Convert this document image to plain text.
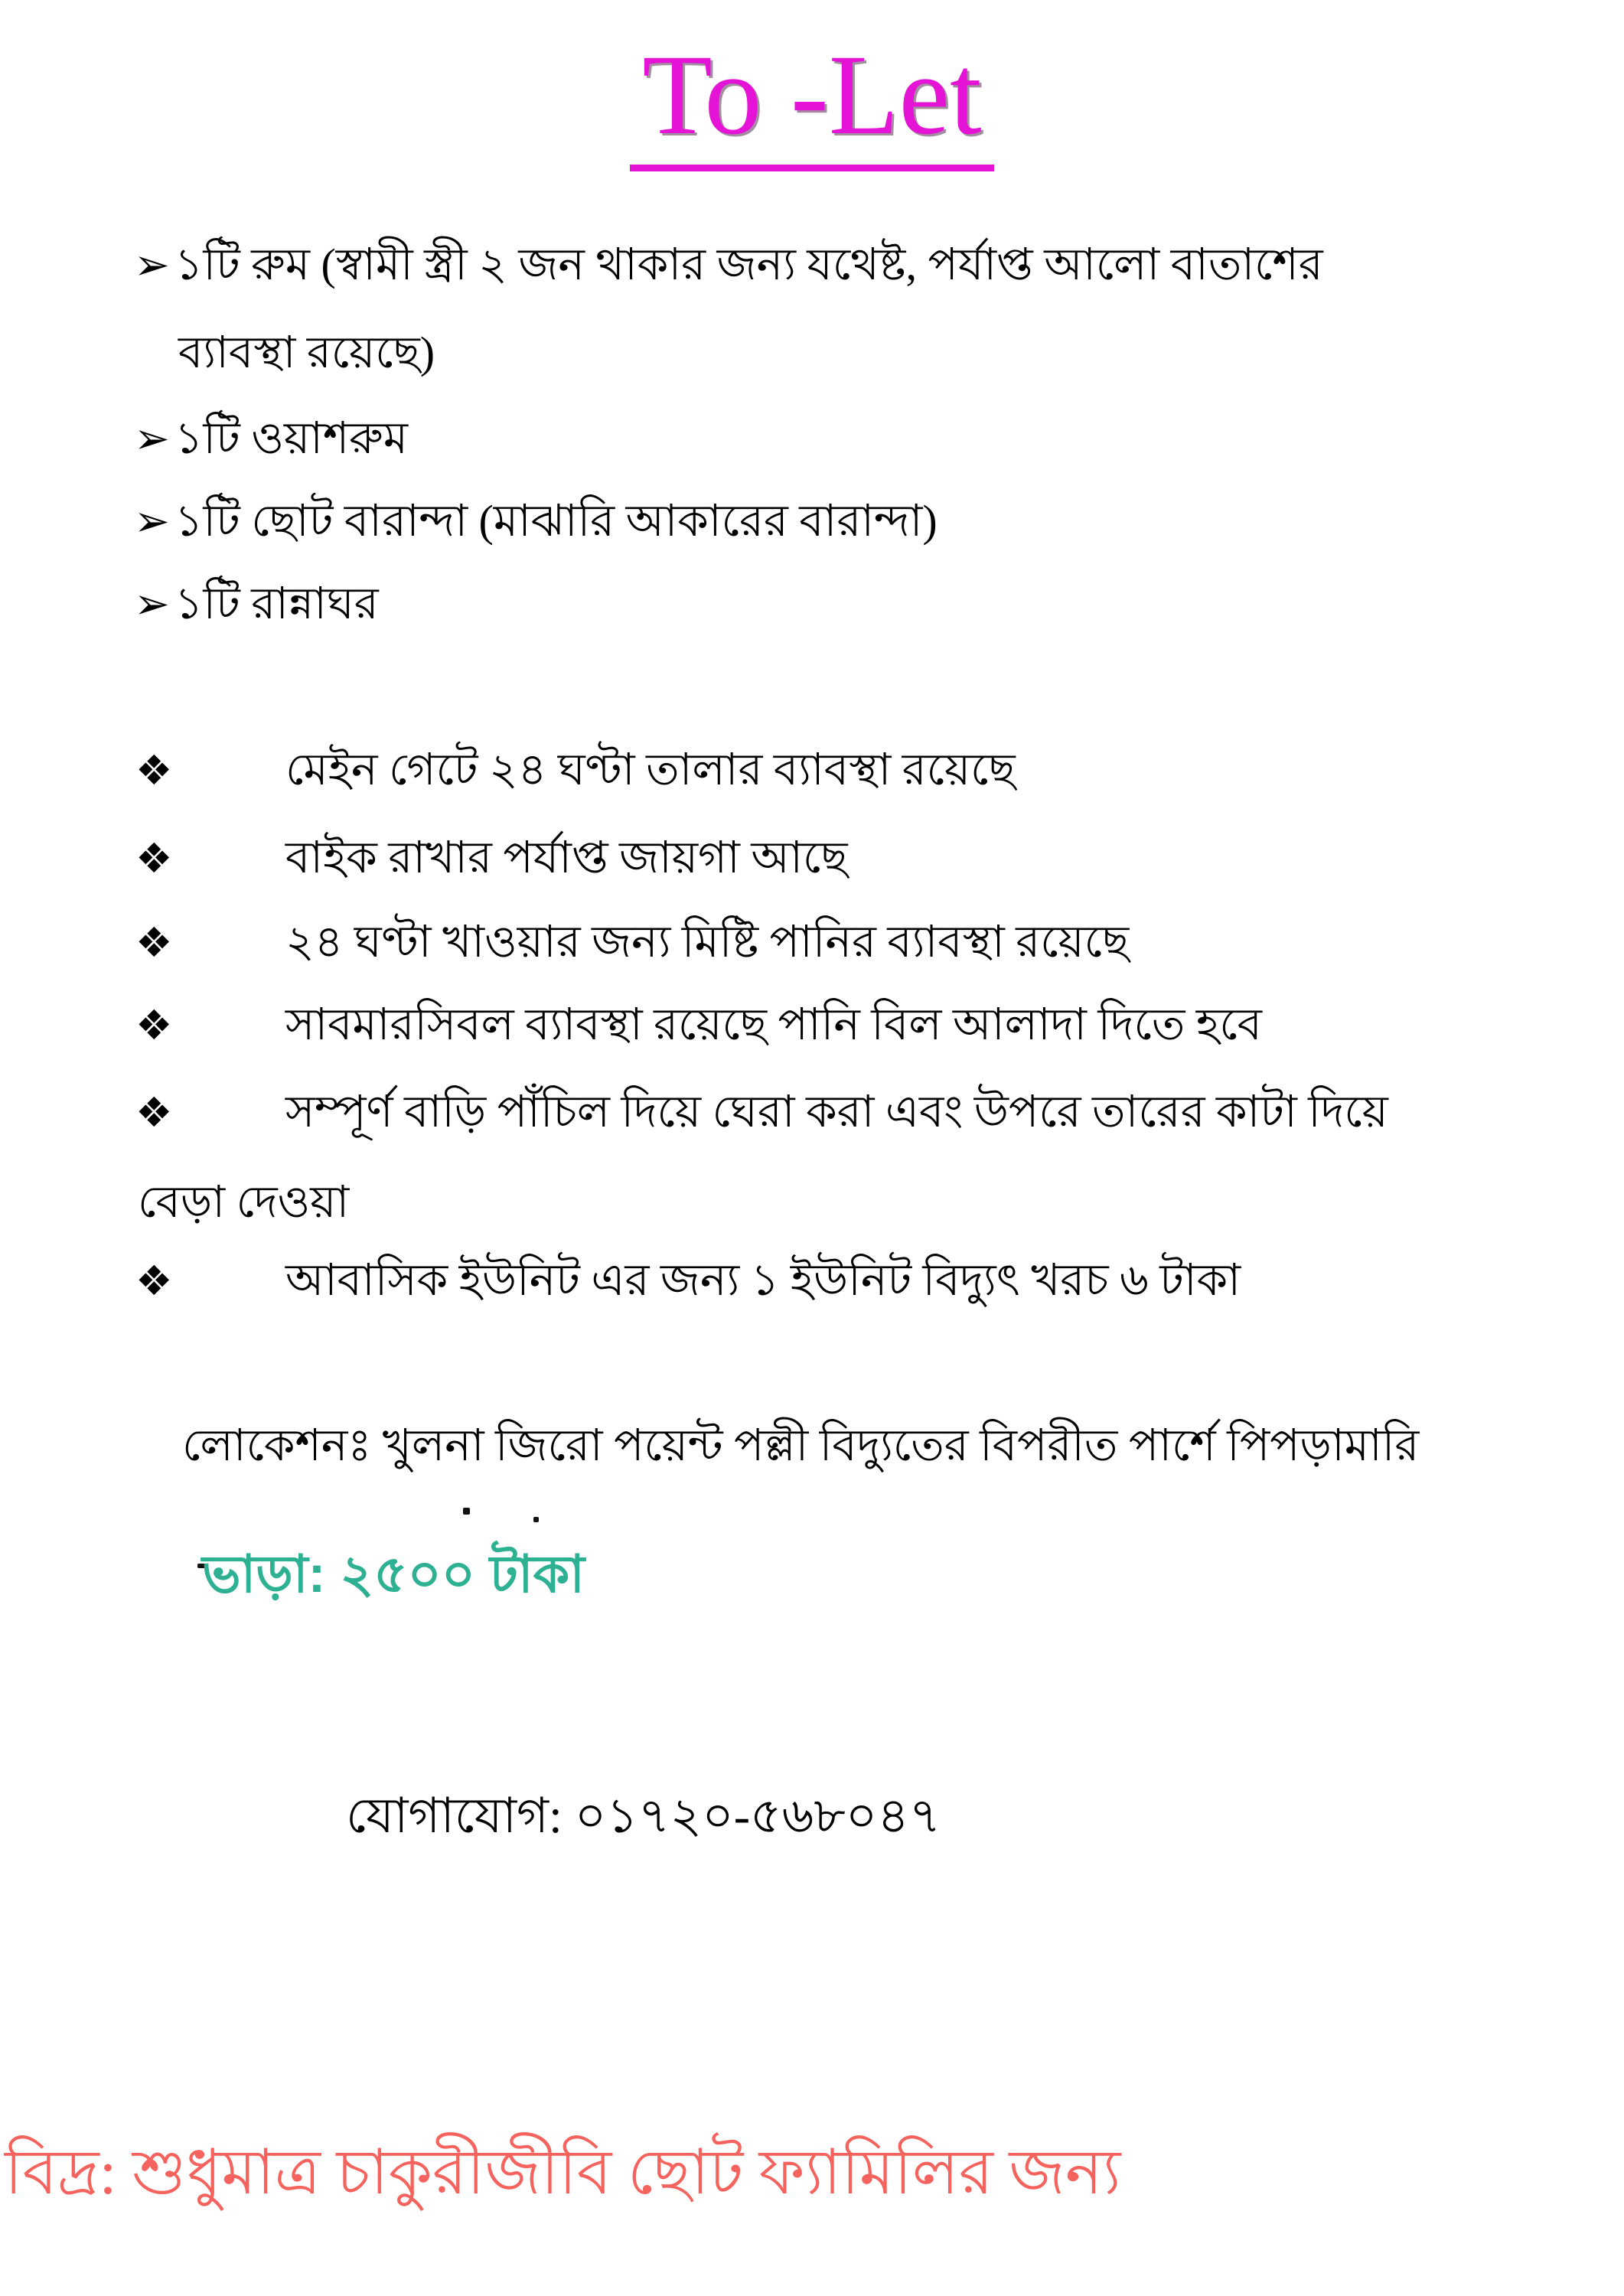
To -Let
➢ ১টি রুম (স্বামী স্ত্রী ২ জন থাকার জন্য যথেষ্ট, পর্যাপ্ত আলো বাতাশের
ব্যাবস্থা রয়েছে)
➢ ১টি ওয়াশরুম
➢ ১টি ছোট বারান্দা (মাঝারি আকারের বারান্দা)
➢ ১টি রান্নাঘর
❖	মেইন গেটে ২৪ ঘণ্টা তালার ব্যাবস্থা রয়েছে
❖	বাইক রাখার পর্যাপ্ত জায়গা আছে
❖	২৪ ঘণ্টা খাওয়ার জন্য মিষ্টি পানির ব্যাবস্থা রয়েছে
❖	সাবমারসিবল ব্যাবস্থা রয়েছে পানি বিল আলাদা দিতে হবে
❖	সম্পূর্ণ বাড়ি পাঁচিল দিয়ে ঘেরা করা এবং উপরে তারের কাটা দিয়ে
বেড়া দেওয়া
❖	আবাসিক ইউনিট এর জন্য ১ ইউনিট বিদ্যুৎ খরচ ৬ টাকা
লোকেশনঃ খুলনা জিরো পয়েন্ট পল্লী বিদ্যুতের বিপরীত পার্শে পিপড়ামারি
ভাড়া: ২৫০০ টাকা
যোগাযোগ: ০১৭২০-৫৬৮০৪৭
বিদ্র: শুধুমাত্র চাকুরীজীবি ছোট ফ্যামিলির জন্য
